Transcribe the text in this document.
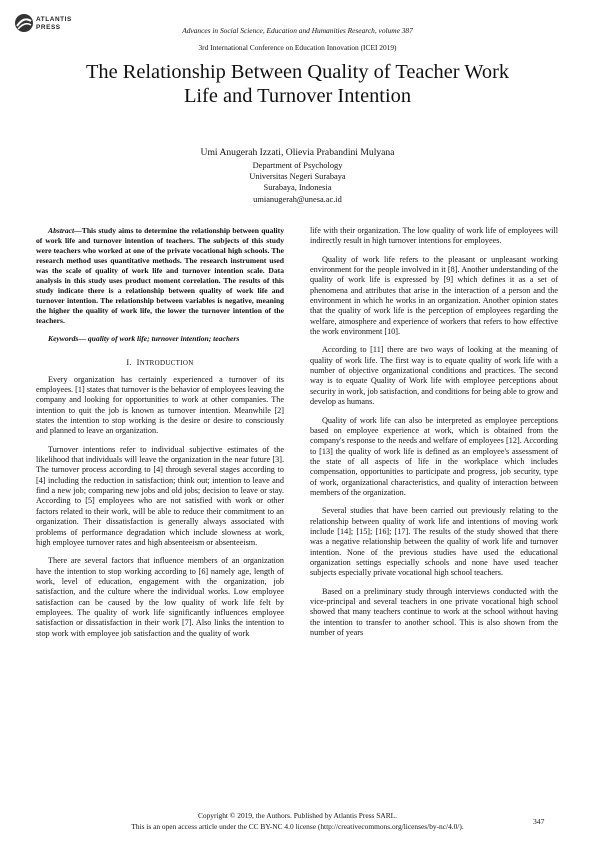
ATLANTIS
PRESS	Advances in Social Science, Education and Humanities Research, volume 387
3rd International Conference on Education Innovation (ICEI 2019)
The Relationship Between Quality of Teacher Work
Life and Turnover Intention
Umi Anugerah Izzati, Olievia Prabandini Mulyana
Department of Psychology
Universitas Negeri Surabaya
Surabaya, Indonesia
umianugerah@unesa.ac.id

Abstract—This study aims to determine the relationship between quality of work life and turnover intention of teachers. The subjects of this study were teachers who worked at one of the private vocational high schools. The research method uses quantitative methods. The research instrument used was the scale of quality of work life and turnover intention scale. Data analysis in this study uses product moment correlation. The results of this study indicate there is a relationship between quality of work life and turnover intention. The relationship between variables is negative, meaning the higher the quality of work life, the lower the turnover intention of the teachers.

Keywords— quality of work life; turnover intention; teachers

I. INTRODUCTION

Every organization has certainly experienced a turnover of its employees. [1] states that turnover is the behavior of employees leaving the company and looking for opportunities to work at other companies. The intention to quit the job is known as turnover intention. Meanwhile [2] states the intention to stop working is the desire or desire to consciously and planned to leave an organization.

Turnover intentions refer to individual subjective estimates of the likelihood that individuals will leave the organization in the near future [3]. The turnover process according to [4] through several stages according to [4] including the reduction in satisfaction; think out; intention to leave and find a new job; comparing new jobs and old jobs; decision to leave or stay. According to [5] employees who are not satisfied with work or other factors related to their work, will be able to reduce their commitment to an organization. Their dissatisfaction is generally always associated with problems of performance degradation which include slowness at work, high employee turnover rates and high absenteeism or absenteeism.

There are several factors that influence members of an organization have the intention to stop working according to [6] namely age, length of work, level of education, engagement with the organization, job satisfaction, and the culture where the individual works. Low employee satisfaction can be caused by the low quality of work life felt by employees. The quality of work life significantly influences employee satisfaction or dissatisfaction in their work [7]. Also links the intention to stop work with employee job satisfaction and the quality of work

life with their organization. The low quality of work life of employees will indirectly result in high turnover intentions for employees.

Quality of work life refers to the pleasant or unpleasant working environment for the people involved in it [8]. Another understanding of the quality of work life is expressed by [9] which defines it as a set of phenomena and attributes that arise in the interaction of a person and the environment in which he works in an organization. Another opinion states that the quality of work life is the perception of employees regarding the welfare, atmosphere and experience of workers that refers to how effective the work environment [10].

According to [11] there are two ways of looking at the meaning of quality of work life. The first way is to equate quality of work life with a number of objective organizational conditions and practices. The second way is to equate Quality of Work life with employee perceptions about security in work, job satisfaction, and conditions for being able to grow and develop as humans.

Quality of work life can also be interpreted as employee perceptions based on employee experience at work, which is obtained from the company's response to the needs and welfare of employees [12]. According to [13] the quality of work life is defined as an employee's assessment of the state of all aspects of life in the workplace which includes compensation, opportunities to participate and progress, job security, type of work, organizational characteristics, and quality of interaction between members of the organization.

Several studies that have been carried out previously relating to the relationship between quality of work life and intentions of moving work include [14]; [15]; [16]; [17]. The results of the study showed that there was a negative relationship between the quality of work life and turnover intention. None of the previous studies have used the educational organization settings especially schools and none have used teacher subjects especially private vocational high school teachers.

Based on a preliminary study through interviews conducted with the vice-principal and several teachers in one private vocational high school showed that many teachers continue to work at the school without having the intention to transfer to another school. This is also shown from the number of years

Copyright © 2019, the Authors. Published by Atlantis Press SARL.
This is an open access article under the CC BY-NC 4.0 license (http://creativecommons.org/licenses/by-nc/4.0/).
347
